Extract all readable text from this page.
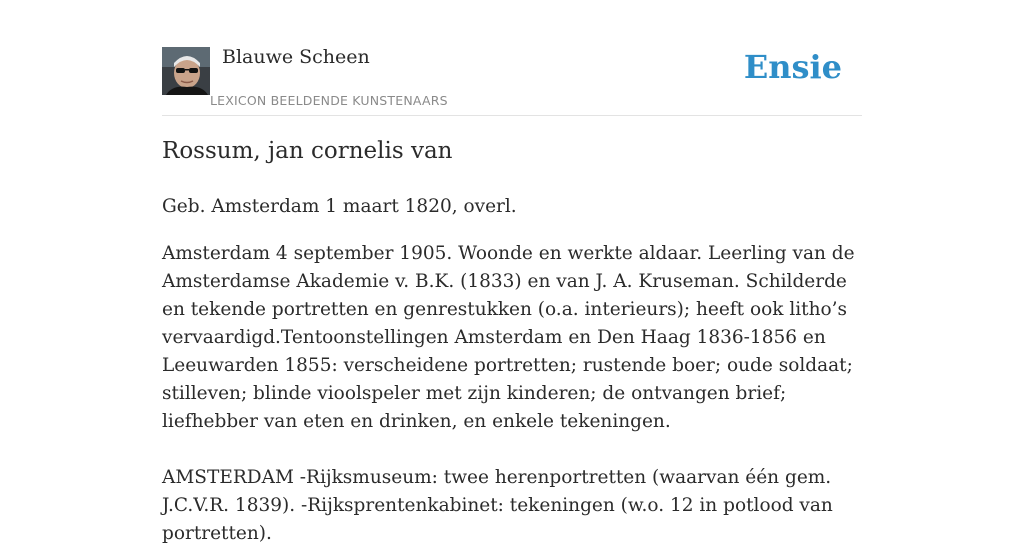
Blauwe Scheen
LEXICON BEELDENDE KUNSTENAARS
Ensie
Rossum, jan cornelis van

Geb. Amsterdam 1 maart 1820, overl.

Amsterdam 4 september 1905. Woonde en werkte aldaar. Leerling van de Amsterdamse Akademie v. B.K. (1833) en van J. A. Kruseman. Schilderde en tekende portretten en genrestukken (o.a. interieurs); heeft ook litho’s vervaardigd.Tentoonstellingen Amsterdam en Den Haag 1836-1856 en Leeuwarden 1855: verscheidene portretten; rustende boer; oude soldaat; stilleven; blinde vioolspeler met zijn kinderen; de ontvangen brief; liefhebber van eten en drinken, en enkele tekeningen.

AMSTERDAM -Rijksmuseum: twee herenportretten (waarvan één gem. J.C.V.R. 1839). -Rijksprentenkabinet: tekeningen (w.o. 12 in potlood van portretten).
